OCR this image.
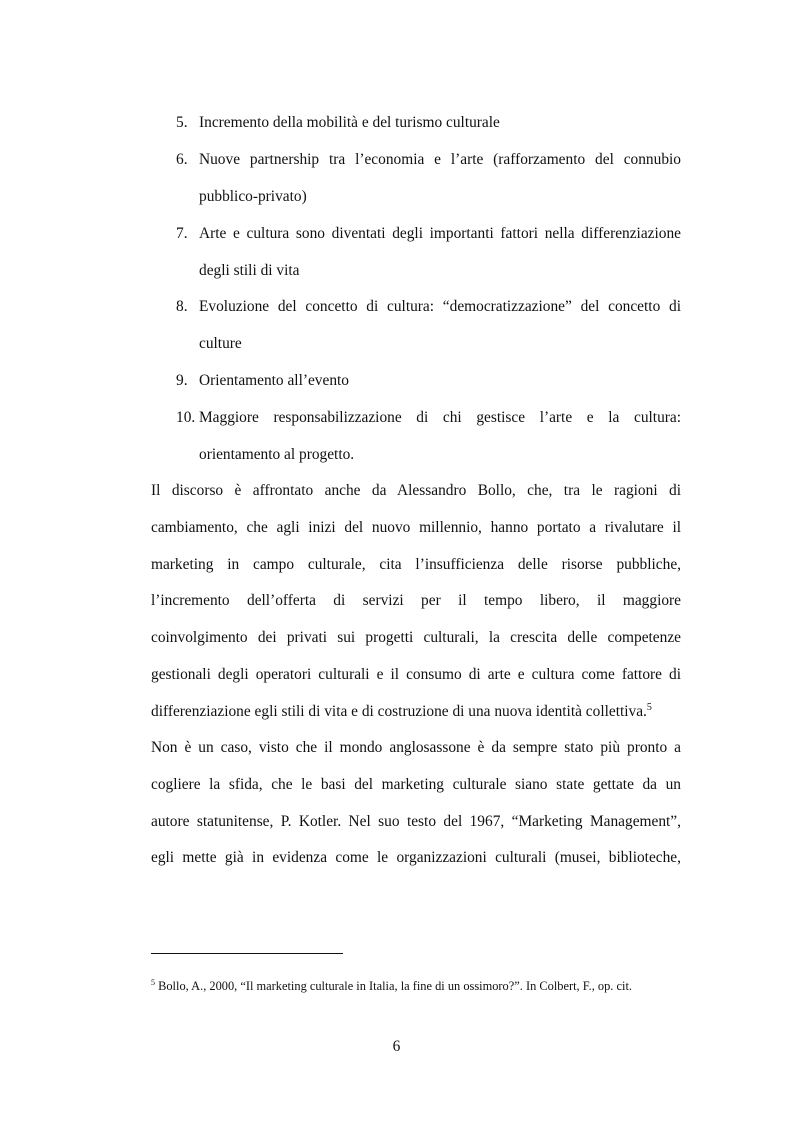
5. Incremento della mobilità e del turismo culturale
6. Nuove partnership tra l’economia e l’arte (rafforzamento del connubio
pubblico-privato)
7. Arte e cultura sono diventati degli importanti fattori nella differenziazione
degli stili di vita
8. Evoluzione del concetto di cultura: “democratizzazione” del concetto di
culture
9. Orientamento all’evento
10. Maggiore responsabilizzazione di chi gestisce l’arte e la cultura:
orientamento al progetto.
Il discorso è affrontato anche da Alessandro Bollo, che, tra le ragioni di
cambiamento, che agli inizi del nuovo millennio, hanno portato a rivalutare il
marketing in campo culturale, cita l’insufficienza delle risorse pubbliche,
l’incremento dell’offerta di servizi per il tempo libero, il maggiore
coinvolgimento dei privati sui progetti culturali, la crescita delle competenze
gestionali degli operatori culturali e il consumo di arte e cultura come fattore di
differenziazione egli stili di vita e di costruzione di una nuova identità collettiva.$^5$
Non è un caso, visto che il mondo anglosassone è da sempre stato più pronto a
cogliere la sfida, che le basi del marketing culturale siano state gettate da un
autore statunitense, P. Kotler. Nel suo testo del 1967, “Marketing Management”,
egli mette già in evidenza come le organizzazioni culturali (musei, biblioteche,
$^5$ Bollo, A., 2000, “Il marketing culturale in Italia, la fine di un ossimoro?”. In Colbert, F., op. cit.
6
